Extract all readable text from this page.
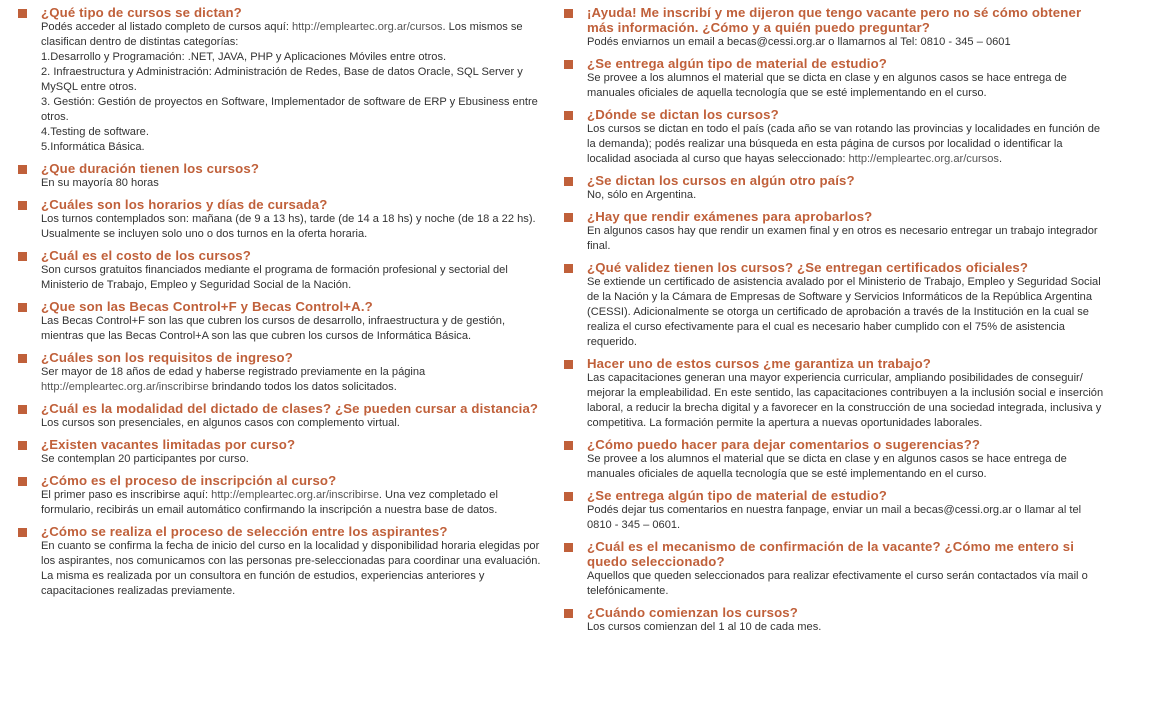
¿Qué tipo de cursos se dictan?

Podés acceder al listado completo de cursos aquí: http://empleartec.org.ar/cursos. Los mismos se clasifican dentro de distintas categorías:

1.Desarrollo y Programación: .NET, JAVA, PHP y Aplicaciones Móviles entre otros.

2. Infraestructura y Administración: Administración de Redes, Base de datos Oracle, SQL Server y MySQL entre otros.

3. Gestión: Gestión de proyectos en Software, Implementador de software de ERP y Ebusiness entre otros.

4.Testing de software.

5.Informática Básica.

¿Que duración tienen los cursos?

En su mayoría 80 horas

¿Cuáles son los horarios y días de cursada?

Los turnos contemplados son: mañana (de 9 a 13 hs), tarde (de 14 a 18 hs) y noche (de 18 a 22 hs). Usualmente se incluyen solo uno o dos turnos en la oferta horaria.

¿Cuál es el costo de los cursos?

Son cursos gratuitos financiados mediante el programa de formación profesional y sectorial del Ministerio de Trabajo, Empleo y Seguridad Social de la Nación.

¿Que son las Becas Control+F y Becas Control+A.?

Las Becas Control+F son las que cubren los cursos de desarrollo, infraestructura y de gestión, mientras que las Becas Control+A son las que cubren los cursos de Informática Básica.

¿Cuáles son los requisitos de ingreso?

Ser mayor de 18 años de edad y haberse registrado previamente en la página http://empleartec.org.ar/inscribirse brindando todos los datos solicitados.

¿Cuál es la modalidad del dictado de clases? ¿Se pueden cursar a distancia?

Los cursos son presenciales, en algunos casos con complemento virtual.

¿Existen vacantes limitadas por curso?

Se contemplan 20 participantes por curso.

¿Cómo es el proceso de inscripción al curso?

El primer paso es inscribirse aquí: http://empleartec.org.ar/inscribirse. Una vez completado el formulario, recibirás un email automático confirmando la inscripción a nuestra base de datos.

¿Cómo se realiza el proceso de selección entre los aspirantes?

En cuanto se confirma la fecha de inicio del curso en la localidad y disponibilidad horaria elegidas por los aspirantes, nos comunicamos con las personas pre-seleccionadas para coordinar una evaluación. La misma es realizada por un consultora en función de estudios, experiencias anteriores y capacitaciones realizadas previamente.

¡Ayuda! Me inscribí y me dijeron que tengo vacante pero no sé cómo obtener más información. ¿Cómo y a quién puedo preguntar?

Podés enviarnos un email a becas@cessi.org.ar o llamarnos al Tel: 0810 - 345 – 0601

¿Se entrega algún tipo de material de estudio?

Se provee a los alumnos el material que se dicta en clase y en algunos casos se hace entrega de manuales oficiales de aquella tecnología que se esté implementando en el curso.

¿Dónde se dictan los cursos?

Los cursos se dictan en todo el país (cada año se van rotando las provincias y localidades en función de la demanda); podés realizar una búsqueda en esta página de cursos por localidad o identificar la localidad asociada al curso que hayas seleccionado: http://empleartec.org.ar/cursos.

¿Se dictan los cursos en algún otro país?

No, sólo en Argentina.

¿Hay que rendir exámenes para aprobarlos?

En algunos casos hay que rendir un examen final y en otros es necesario entregar un trabajo integrador final.

¿Qué validez tienen los cursos? ¿Se entregan certificados oficiales?

Se extiende un certificado de asistencia avalado por el Ministerio de Trabajo, Empleo y Seguridad Social de la Nación y la Cámara de Empresas de Software y Servicios Informáticos de la República Argentina (CESSI). Adicionalmente se otorga un certificado de aprobación a través de la Institución en la cual se realiza el curso efectivamente para el cual es necesario haber cumplido con el 75% de asistencia requerido.

Hacer uno de estos cursos ¿me garantiza un trabajo?

Las capacitaciones generan una mayor experiencia curricular, ampliando posibilidades de conseguir/ mejorar la empleabilidad. En este sentido, las capacitaciones contribuyen a la inclusión social e inserción laboral, a reducir la brecha digital y a favorecer en la construcción de una sociedad integrada, inclusiva y competitiva. La formación permite la apertura a nuevas oportunidades laborales.

¿Cómo puedo hacer para dejar comentarios o sugerencias??

Se provee a los alumnos el material que se dicta en clase y en algunos casos se hace entrega de manuales oficiales de aquella tecnología que se esté implementando en el curso.

¿Se entrega algún tipo de material de estudio?

Podés dejar tus comentarios en nuestra fanpage, enviar un mail a becas@cessi.org.ar o llamar al tel 0810 - 345 – 0601.

¿Cuál es el mecanismo de confirmación de la vacante? ¿Cómo me entero si quedo seleccionado?

Aquellos que queden seleccionados para realizar efectivamente el curso serán contactados vía mail o telefónicamente.

¿Cuándo comienzan los cursos?

Los cursos comienzan del 1 al 10 de cada mes.
